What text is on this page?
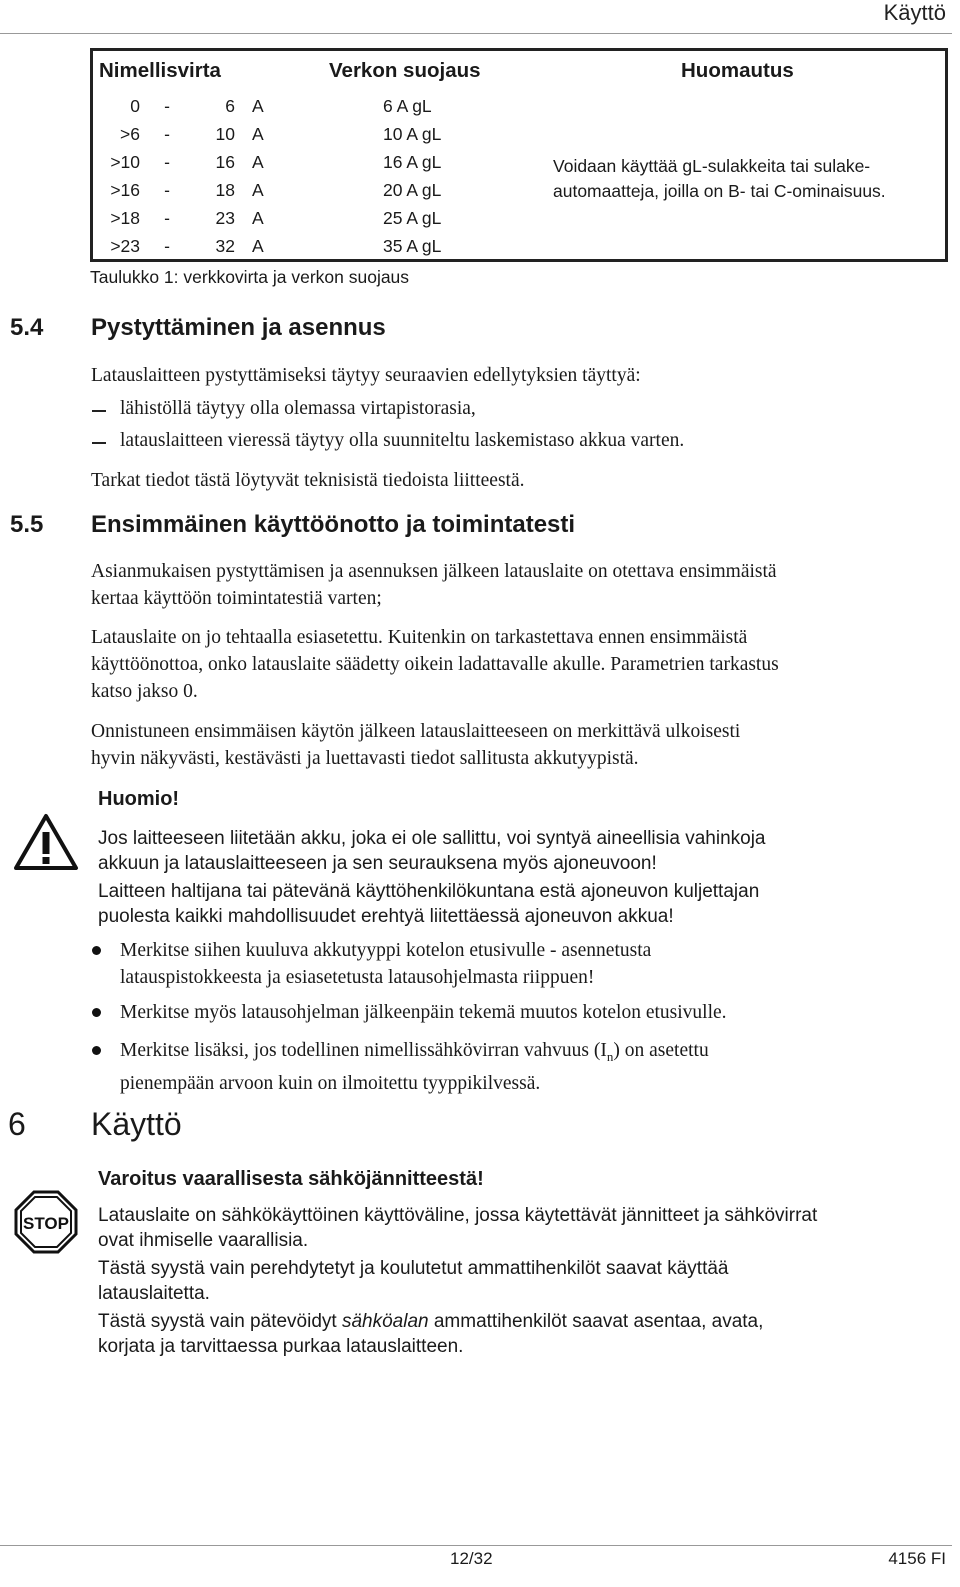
Käyttö
Nimellisvirta	Verkon suojaus	Huomautus
0 -	6 A	6 A gL
>6 -	10 A	10 A gL
>10 -	16 A	16 A gL
>16 -	18 A	20 A gL
>18 -	23 A	25 A gL
>23 -	32 A	35 A gL
Voidaan käyttää gL-sulakkeita tai sulake-
automaatteja, joilla on B- tai C-ominaisuus.
Taulukko 1: verkkovirta ja verkon suojaus
5.4 Pystyttäminen ja asennus
Latauslaitteen pystyttämiseksi täytyy seuraavien edellytyksien täyttyä:
lähistöllä täytyy olla olemassa virtapistorasia,
latauslaitteen vieressä täytyy olla suunniteltu laskemistaso akkua varten.
Tarkat tiedot tästä löytyvät teknisistä tiedoista liitteestä.
5.5 Ensimmäinen käyttöönotto ja toimintatesti
Asianmukaisen pystyttämisen ja asennuksen jälkeen latauslaite on otettava ensimmäistä
kertaa käyttöön toimintatestiä varten;
Latauslaite on jo tehtaalla esiasetettu. Kuitenkin on tarkastettava ennen ensimmäistä
käyttöönottoa, onko latauslaite säädetty oikein ladattavalle akulle. Parametrien tarkastus
katso jakso 0.
Onnistuneen ensimmäisen käytön jälkeen latauslaitteeseen on merkittävä ulkoisesti
hyvin näkyvästi, kestävästi ja luettavasti tiedot sallitusta akkutyypistä.
Huomio!
Jos laitteeseen liitetään akku, joka ei ole sallittu, voi syntyä aineellisia vahinkoja
akkuun ja latauslaitteeseen ja sen seurauksena myös ajoneuvoon!
Laitteen haltijana tai pätevänä käyttöhenkilökuntana estä ajoneuvon kuljettajan
puolesta kaikki mahdollisuudet erehtyä liitettäessä ajoneuvon akkua!
Merkitse siihen kuuluva akkutyyppi kotelon etusivulle - asennetusta
latauspistokkeesta ja esiasetetusta latausohjelmasta riippuen!
Merkitse myös latausohjelman jälkeenpäin tekemä muutos kotelon etusivulle.
Merkitse lisäksi, jos todellinen nimellissähkövirran vahvuus $(I_n)$ on asetettu
pienempään arvoon kuin on ilmoitettu tyyppikilvessä.
6 Käyttö
STOP
Varoitus vaarallisesta sähköjännitteestä!
Latauslaite on sähkökäyttöinen käyttöväline, jossa käytettävät jännitteet ja sähkövirrat
ovat ihmiselle vaarallisia.
Tästä syystä vain perehdytetyt ja koulutetut ammattihenkilöt saavat käyttää
latauslaitetta.
Tästä syystä vain pätevöidyt sähköalan ammattihenkilöt saavat asentaa, avata,
korjata ja tarvittaessa purkaa latauslaitteen.
12/32	4156 FI
